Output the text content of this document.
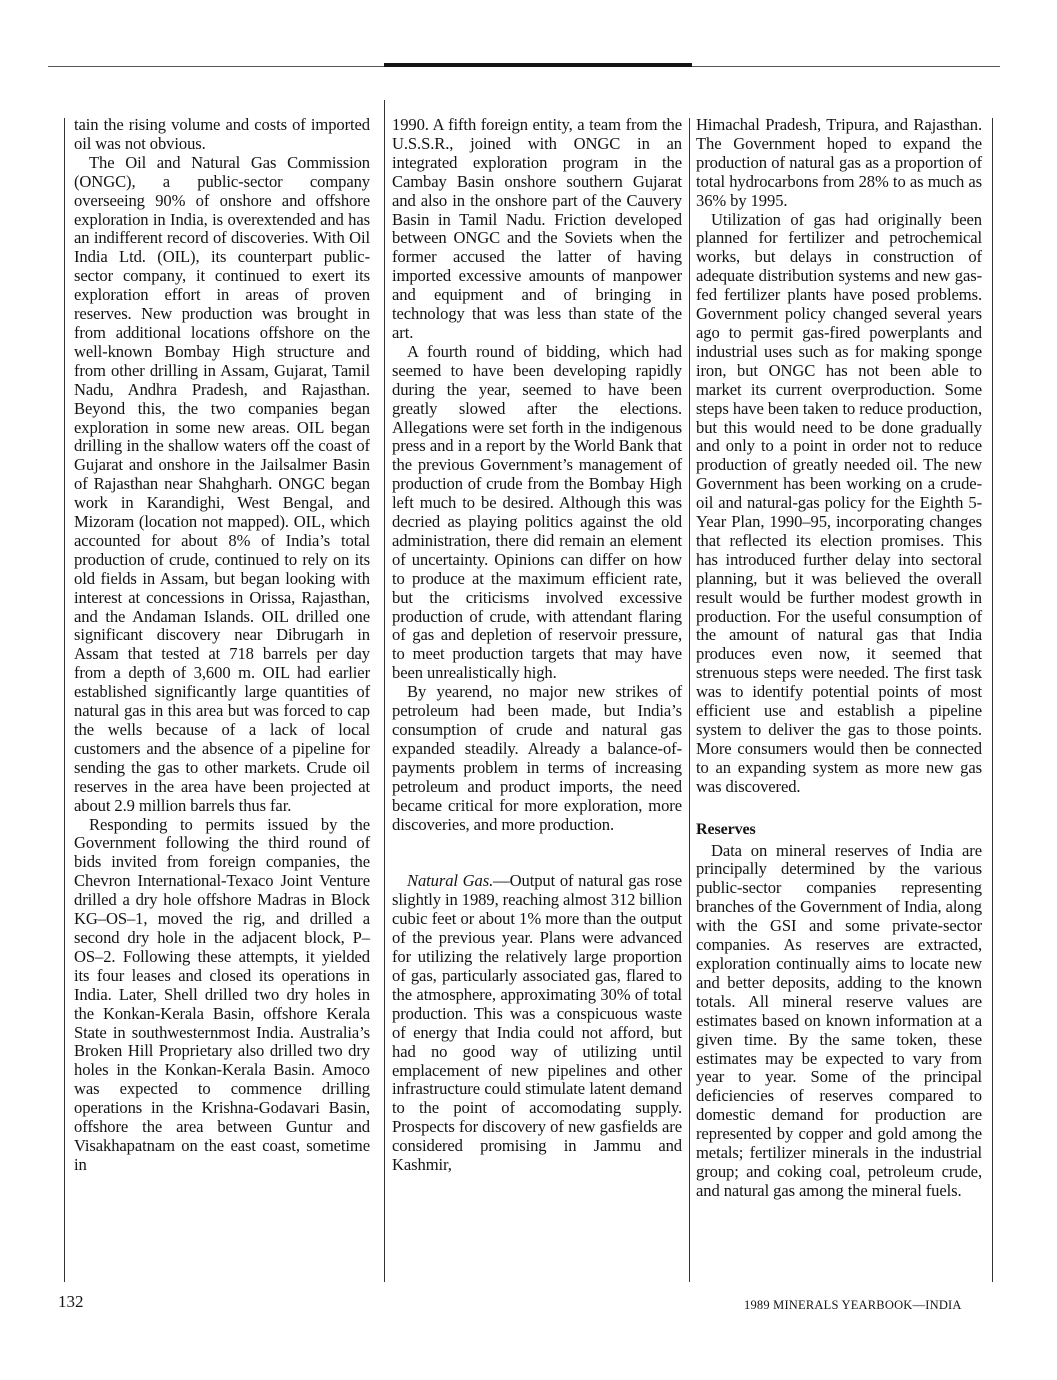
tain the rising volume and costs of imported oil was not obvious.

The Oil and Natural Gas Commission (ONGC), a public-sector company overseeing 90% of onshore and offshore exploration in India, is overextended and has an indifferent record of discoveries. With Oil India Ltd. (OIL), its counterpart public-sector company, it continued to exert its exploration effort in areas of proven reserves. New production was brought in from additional locations offshore on the well-known Bombay High structure and from other drilling in Assam, Gujarat, Tamil Nadu, Andhra Pradesh, and Rajasthan. Beyond this, the two companies began exploration in some new areas. OIL began drilling in the shallow waters off the coast of Gujarat and onshore in the Jailsalmer Basin of Rajasthan near Shahgharh. ONGC began work in Karandighi, West Bengal, and Mizoram (location not mapped). OIL, which accounted for about 8% of India’s total production of crude, continued to rely on its old fields in Assam, but began looking with interest at concessions in Orissa, Rajasthan, and the Andaman Islands. OIL drilled one significant discovery near Dibrugarh in Assam that tested at 718 barrels per day from a depth of 3,600 m. OIL had earlier established significantly large quantities of natural gas in this area but was forced to cap the wells because of a lack of local customers and the absence of a pipeline for sending the gas to other markets. Crude oil reserves in the area have been projected at about 2.9 million barrels thus far.

Responding to permits issued by the Government following the third round of bids invited from foreign companies, the Chevron International-Texaco Joint Venture drilled a dry hole offshore Madras in Block KG–OS–1, moved the rig, and drilled a second dry hole in the adjacent block, P–OS–2. Following these attempts, it yielded its four leases and closed its operations in India. Later, Shell drilled two dry holes in the Konkan-Kerala Basin, offshore Kerala State in southwesternmost India. Australia’s Broken Hill Proprietary also drilled two dry holes in the Konkan-Kerala Basin. Amoco was expected to commence drilling operations in the Krishna-Godavari Basin, offshore the area between Guntur and Visakhapatnam on the east coast, sometime in

1990. A fifth foreign entity, a team from the U.S.S.R., joined with ONGC in an integrated exploration program in the Cambay Basin onshore southern Gujarat and also in the onshore part of the Cauvery Basin in Tamil Nadu. Friction developed between ONGC and the Soviets when the former accused the latter of having imported excessive amounts of manpower and equipment and of bringing in technology that was less than state of the art.

A fourth round of bidding, which had seemed to have been developing rapidly during the year, seemed to have been greatly slowed after the elections. Allegations were set forth in the indigenous press and in a report by the World Bank that the previous Government’s management of production of crude from the Bombay High left much to be desired. Although this was decried as playing politics against the old administration, there did remain an element of uncertainty. Opinions can differ on how to produce at the maximum efficient rate, but the criticisms involved excessive production of crude, with attendant flaring of gas and depletion of reservoir pressure, to meet production targets that may have been unrealistically high.

By yearend, no major new strikes of petroleum had been made, but India’s consumption of crude and natural gas expanded steadily. Already a balance-of-payments problem in terms of increasing petroleum and product imports, the need became critical for more exploration, more discoveries, and more production.

Natural Gas.—Output of natural gas rose slightly in 1989, reaching almost 312 billion cubic feet or about 1% more than the output of the previous year. Plans were advanced for utilizing the relatively large proportion of gas, particularly associated gas, flared to the atmosphere, approximating 30% of total production. This was a conspicuous waste of energy that India could not afford, but had no good way of utilizing until emplacement of new pipelines and other infrastructure could stimulate latent demand to the point of accomodating supply. Prospects for discovery of new gasfields are considered promising in Jammu and Kashmir,

Himachal Pradesh, Tripura, and Rajasthan. The Government hoped to expand the production of natural gas as a proportion of total hydrocarbons from 28% to as much as 36% by 1995.

Utilization of gas had originally been planned for fertilizer and petrochemical works, but delays in construction of adequate distribution systems and new gas-fed fertilizer plants have posed problems. Government policy changed several years ago to permit gas-fired powerplants and industrial uses such as for making sponge iron, but ONGC has not been able to market its current overproduction. Some steps have been taken to reduce production, but this would need to be done gradually and only to a point in order not to reduce production of greatly needed oil. The new Government has been working on a crude-oil and natural-gas policy for the Eighth 5-Year Plan, 1990–95, incorporating changes that reflected its election promises. This has introduced further delay into sectoral planning, but it was believed the overall result would be further modest growth in production. For the useful consumption of the amount of natural gas that India produces even now, it seemed that strenuous steps were needed. The first task was to identify potential points of most efficient use and establish a pipeline system to deliver the gas to those points. More consumers would then be connected to an expanding system as more new gas was discovered.

Reserves

Data on mineral reserves of India are principally determined by the various public-sector companies representing branches of the Government of India, along with the GSI and some private-sector companies. As reserves are extracted, exploration continually aims to locate new and better deposits, adding to the known totals. All mineral reserve values are estimates based on known information at a given time. By the same token, these estimates may be expected to vary from year to year. Some of the principal deficiencies of reserves compared to domestic demand for production are represented by copper and gold among the metals; fertilizer minerals in the industrial group; and coking coal, petroleum crude, and natural gas among the mineral fuels.

132	1989 MINERALS YEARBOOK—INDIA
